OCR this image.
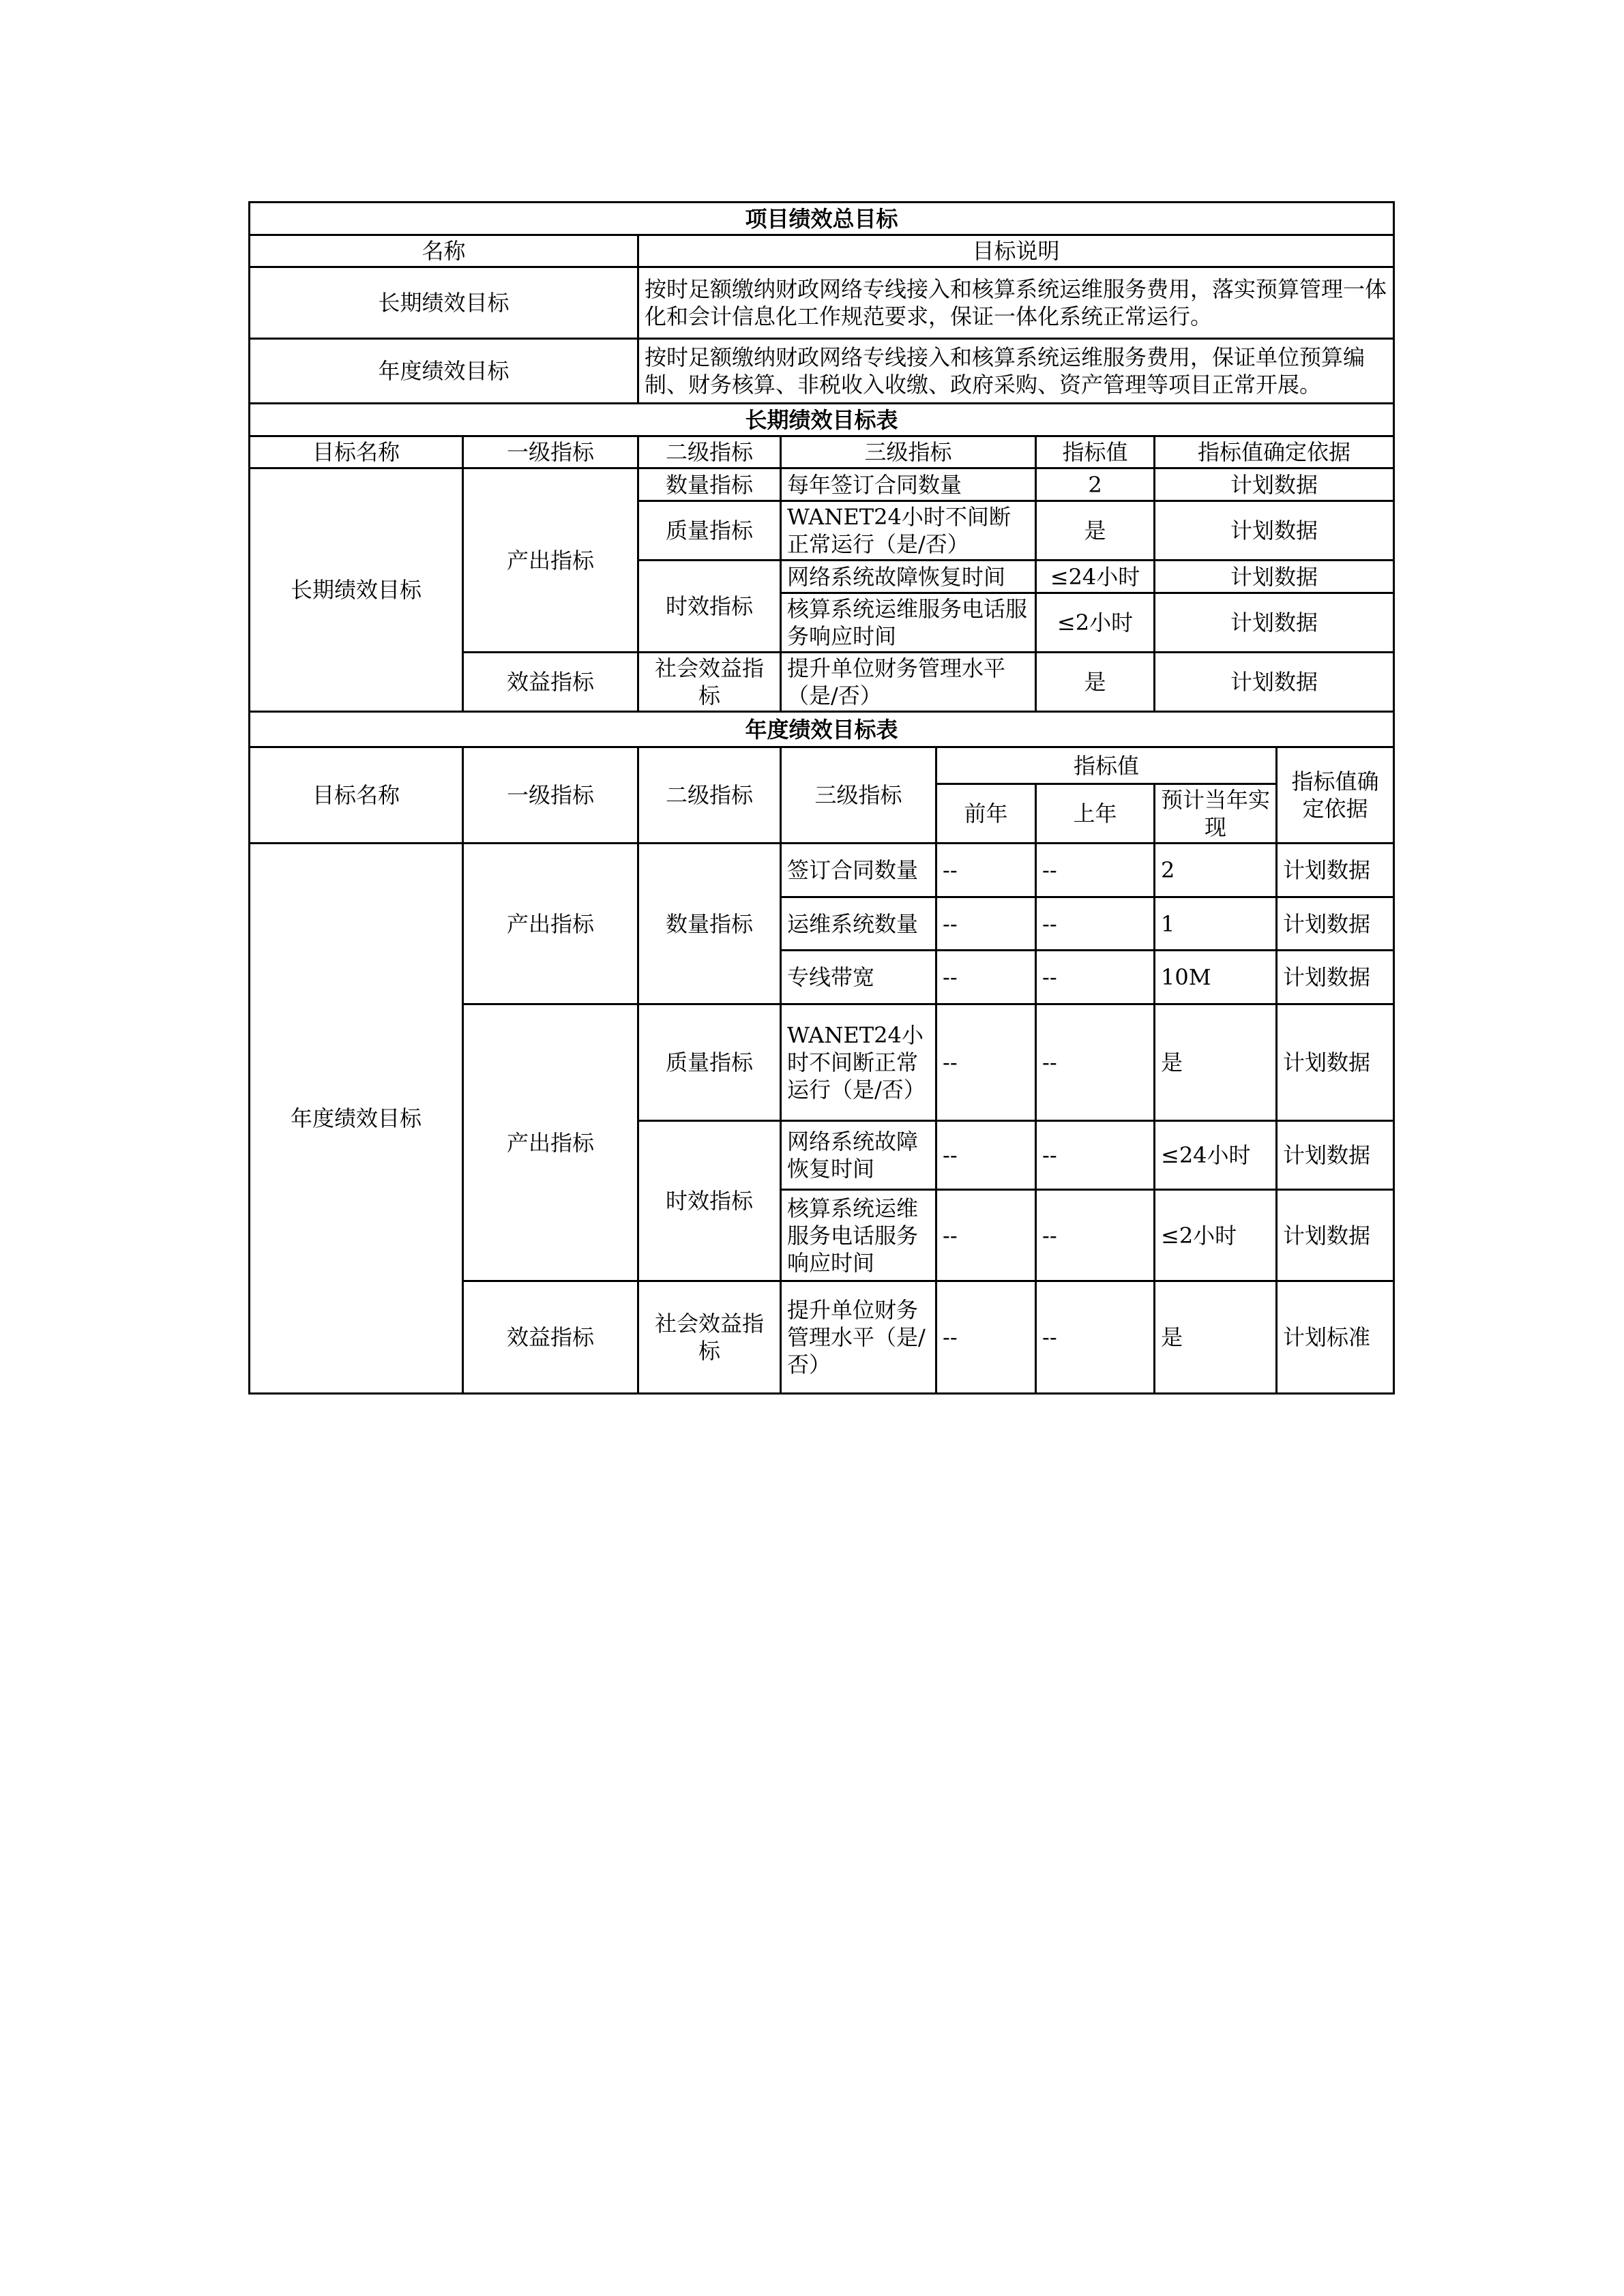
项目绩效总目标							
名称		目标说明					
长期绩效目标		按时足额缴纳财政网络专线接入和核算系统运维服务费用，落实预算管理一体化和会计信息化工作规范要求，保证一体化系统正常运行。					
年度绩效目标		按时足额缴纳财政网络专线接入和核算系统运维服务费用，保证单位预算编制、财务核算、非税收入收缴、政府采购、资产管理等项目正常开展。					
长期绩效目标表							
目标名称	一级指标	二级指标	三级指标		指标值	指标值确定依据	
长期绩效目标	产出指标	数量指标	每年签订合同数量		2	计划数据	
		质量指标	WANET24小时不间断正常运行（是/否）		是	计划数据	
		时效指标	网络系统故障恢复时间		≤24小时	计划数据	
			核算系统运维服务电话服务响应时间		≤2小时	计划数据	
	效益指标	社会效益指标	提升单位财务管理水平（是/否）		是	计划数据	
年度绩效目标表							
目标名称	一级指标	二级指标	三级指标	指标值			指标值确定依据
				前年	上年	预计当年实现	
年度绩效目标	产出指标	数量指标	签订合同数量	--	--	2	计划数据
			运维系统数量	--	--	1	计划数据
			专线带宽	--	--	10M	计划数据
	产出指标	质量指标	WANET24小时不间断正常运行（是/否）	--	--	是	计划数据
		时效指标	网络系统故障恢复时间	--	--	≤24小时	计划数据
			核算系统运维服务电话服务响应时间	--	--	≤2小时	计划数据
	效益指标	社会效益指标	提升单位财务管理水平（是/否）	--	--	是	计划标准
